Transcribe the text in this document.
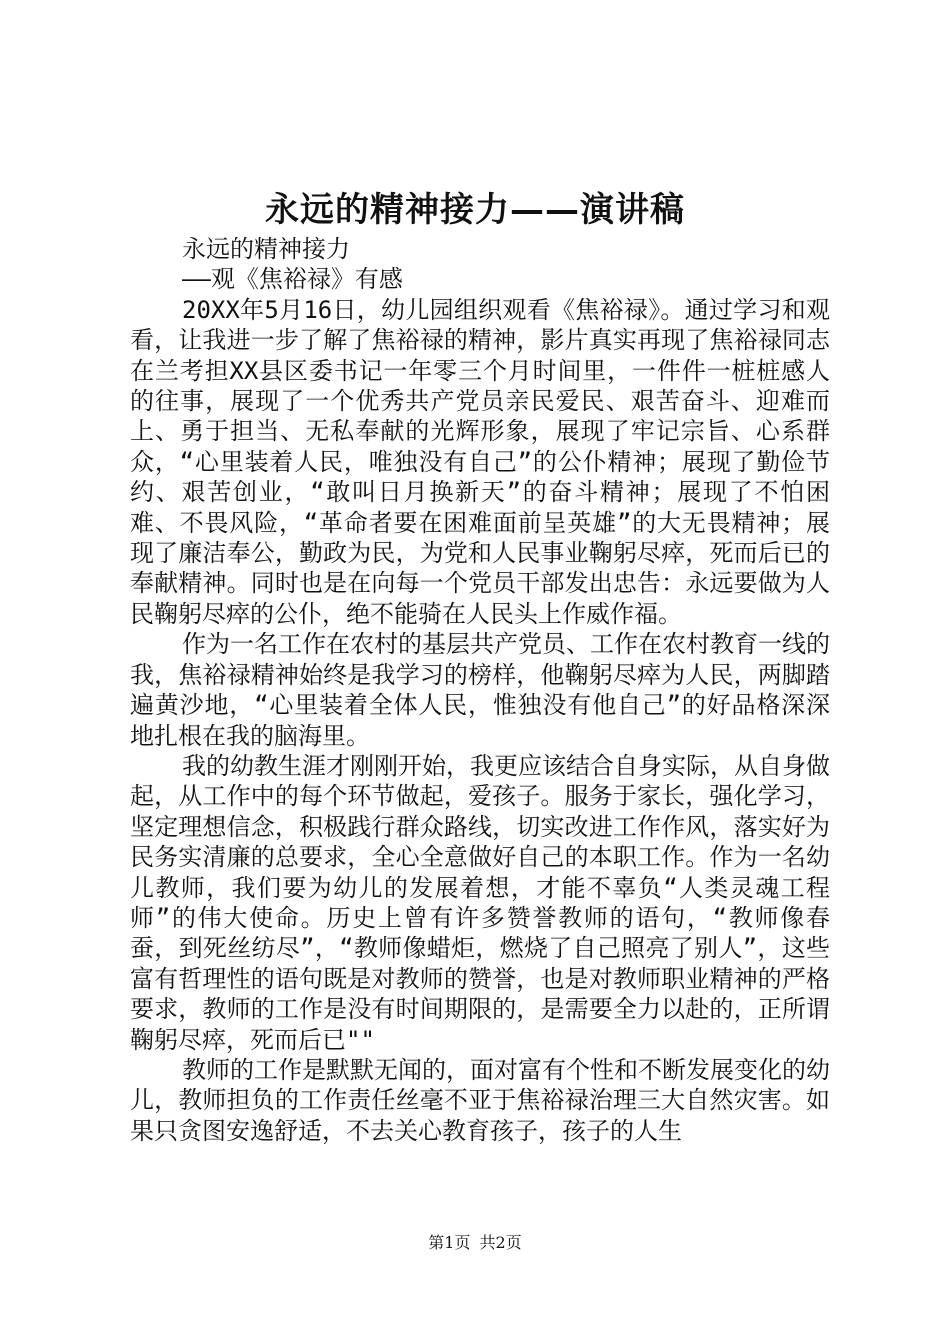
永远的精神接力——演讲稿

永远的精神接力

——观《焦裕禄》有感

20XX年5月16日，幼儿园组织观看《焦裕禄》。通过学习和观看，让我进一步了解了焦裕禄的精神，影片真实再现了焦裕禄同志在兰考担XX县区委书记一年零三个月时间里，一件件一桩桩感人的往事，展现了一个优秀共产党员亲民爱民、艰苦奋斗、迎难而上、勇于担当、无私奉献的光辉形象，展现了牢记宗旨、心系群众，“心里装着人民，唯独没有自己”的公仆精神；展现了勤俭节约、艰苦创业，“敢叫日月换新天”的奋斗精神；展现了不怕困难、不畏风险，“革命者要在困难面前呈英雄”的大无畏精神；展现了廉洁奉公，勤政为民，为党和人民事业鞠躬尽瘁，死而后已的奉献精神。同时也是在向每一个党员干部发出忠告：永远要做为人民鞠躬尽瘁的公仆，绝不能骑在人民头上作威作福。

作为一名工作在农村的基层共产党员、工作在农村教育一线的我，焦裕禄精神始终是我学习的榜样，他鞠躬尽瘁为人民，两脚踏遍黄沙地，“心里装着全体人民，惟独没有他自己”的好品格深深地扎根在我的脑海里。

我的幼教生涯才刚刚开始，我更应该结合自身实际，从自身做起，从工作中的每个环节做起，爱孩子。服务于家长，强化学习，坚定理想信念，积极践行群众路线，切实改进工作作风，落实好为民务实清廉的总要求，全心全意做好自己的本职工作。作为一名幼儿教师，我们要为幼儿的发展着想，才能不辜负“人类灵魂工程师”的伟大使命。历史上曾有许多赞誉教师的语句，“教师像春蚕，到死丝纺尽”，“教师像蜡炬，燃烧了自己照亮了别人”，这些富有哲理性的语句既是对教师的赞誉，也是对教师职业精神的严格要求，教师的工作是没有时间期限的，是需要全力以赴的，正所谓鞠躬尽瘁，死而后已""

教师的工作是默默无闻的，面对富有个性和不断发展变化的幼儿，教师担负的工作责任丝毫不亚于焦裕禄治理三大自然灾害。如果只贪图安逸舒适，不去关心教育孩子，孩子的人生

第1页 共2页
